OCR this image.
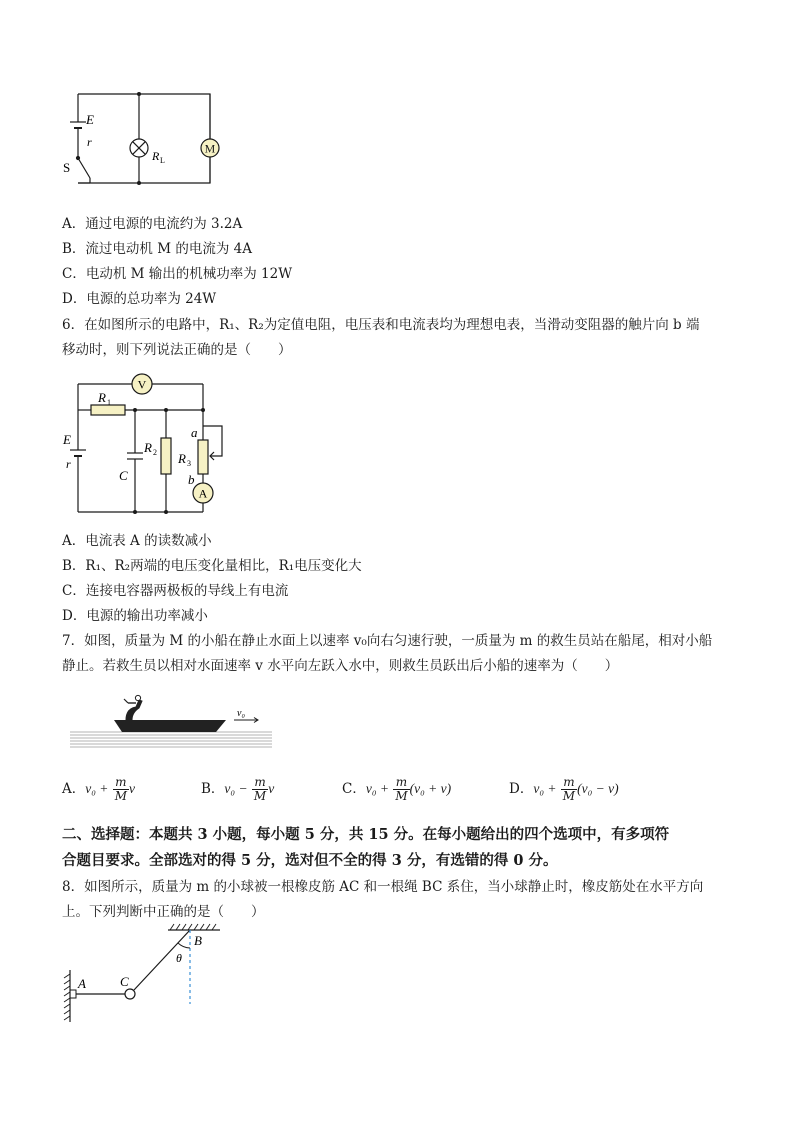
M
E
r
S
R L
A．通过电源的电流约为 3.2A
B．流过电动机 M 的电流为 4A
C．电动机 M 输出的机械功率为 12W
D．电源的总功率为 24W
6．在如图所示的电路中，R₁、R₂为定值电阻，电压表和电流表均为理想电表，当滑动变阻器的触片向 b 端
移动时，则下列说法正确的是（　　）
V
A
R 1
R 2 R 3
E
r
C
a
b
A．电流表 A 的读数减小
B．R₁、R₂两端的电压变化量相比，R₁电压变化大
C．连接电容器两极板的导线上有电流
D．电源的输出功率减小
7．如图，质量为 M 的小船在静止水面上以速率 v₀向右匀速行驶，一质量为 m 的救生员站在船尾，相对小船
静止。若救生员以相对水面速率 v 水平向左跃入水中，则救生员跃出后小船的速率为（　　）
v₀
A．$v_0 + \frac{m}{M}$ v	B．$v_0 - \frac{m}{M}$ v	C．$v_0 + \frac{m}{M} (v_0 + v)$	D．$v_0 + \frac{m}{M} (v_0 - v)$
二、选择题：本题共 3 小题，每小题 5 分，共 15 分。在每小题给出的四个选项中，有多项符
合题目要求。全部选对的得 5 分，选对但不全的得 3 分，有选错的得 0 分。
8．如图所示，质量为 m 的小球被一根橡皮筋 AC 和一根绳 BC 系住，当小球静止时，橡皮筋处在水平方向
上。下列判断中正确的是（　　）
A
B
C
θ
